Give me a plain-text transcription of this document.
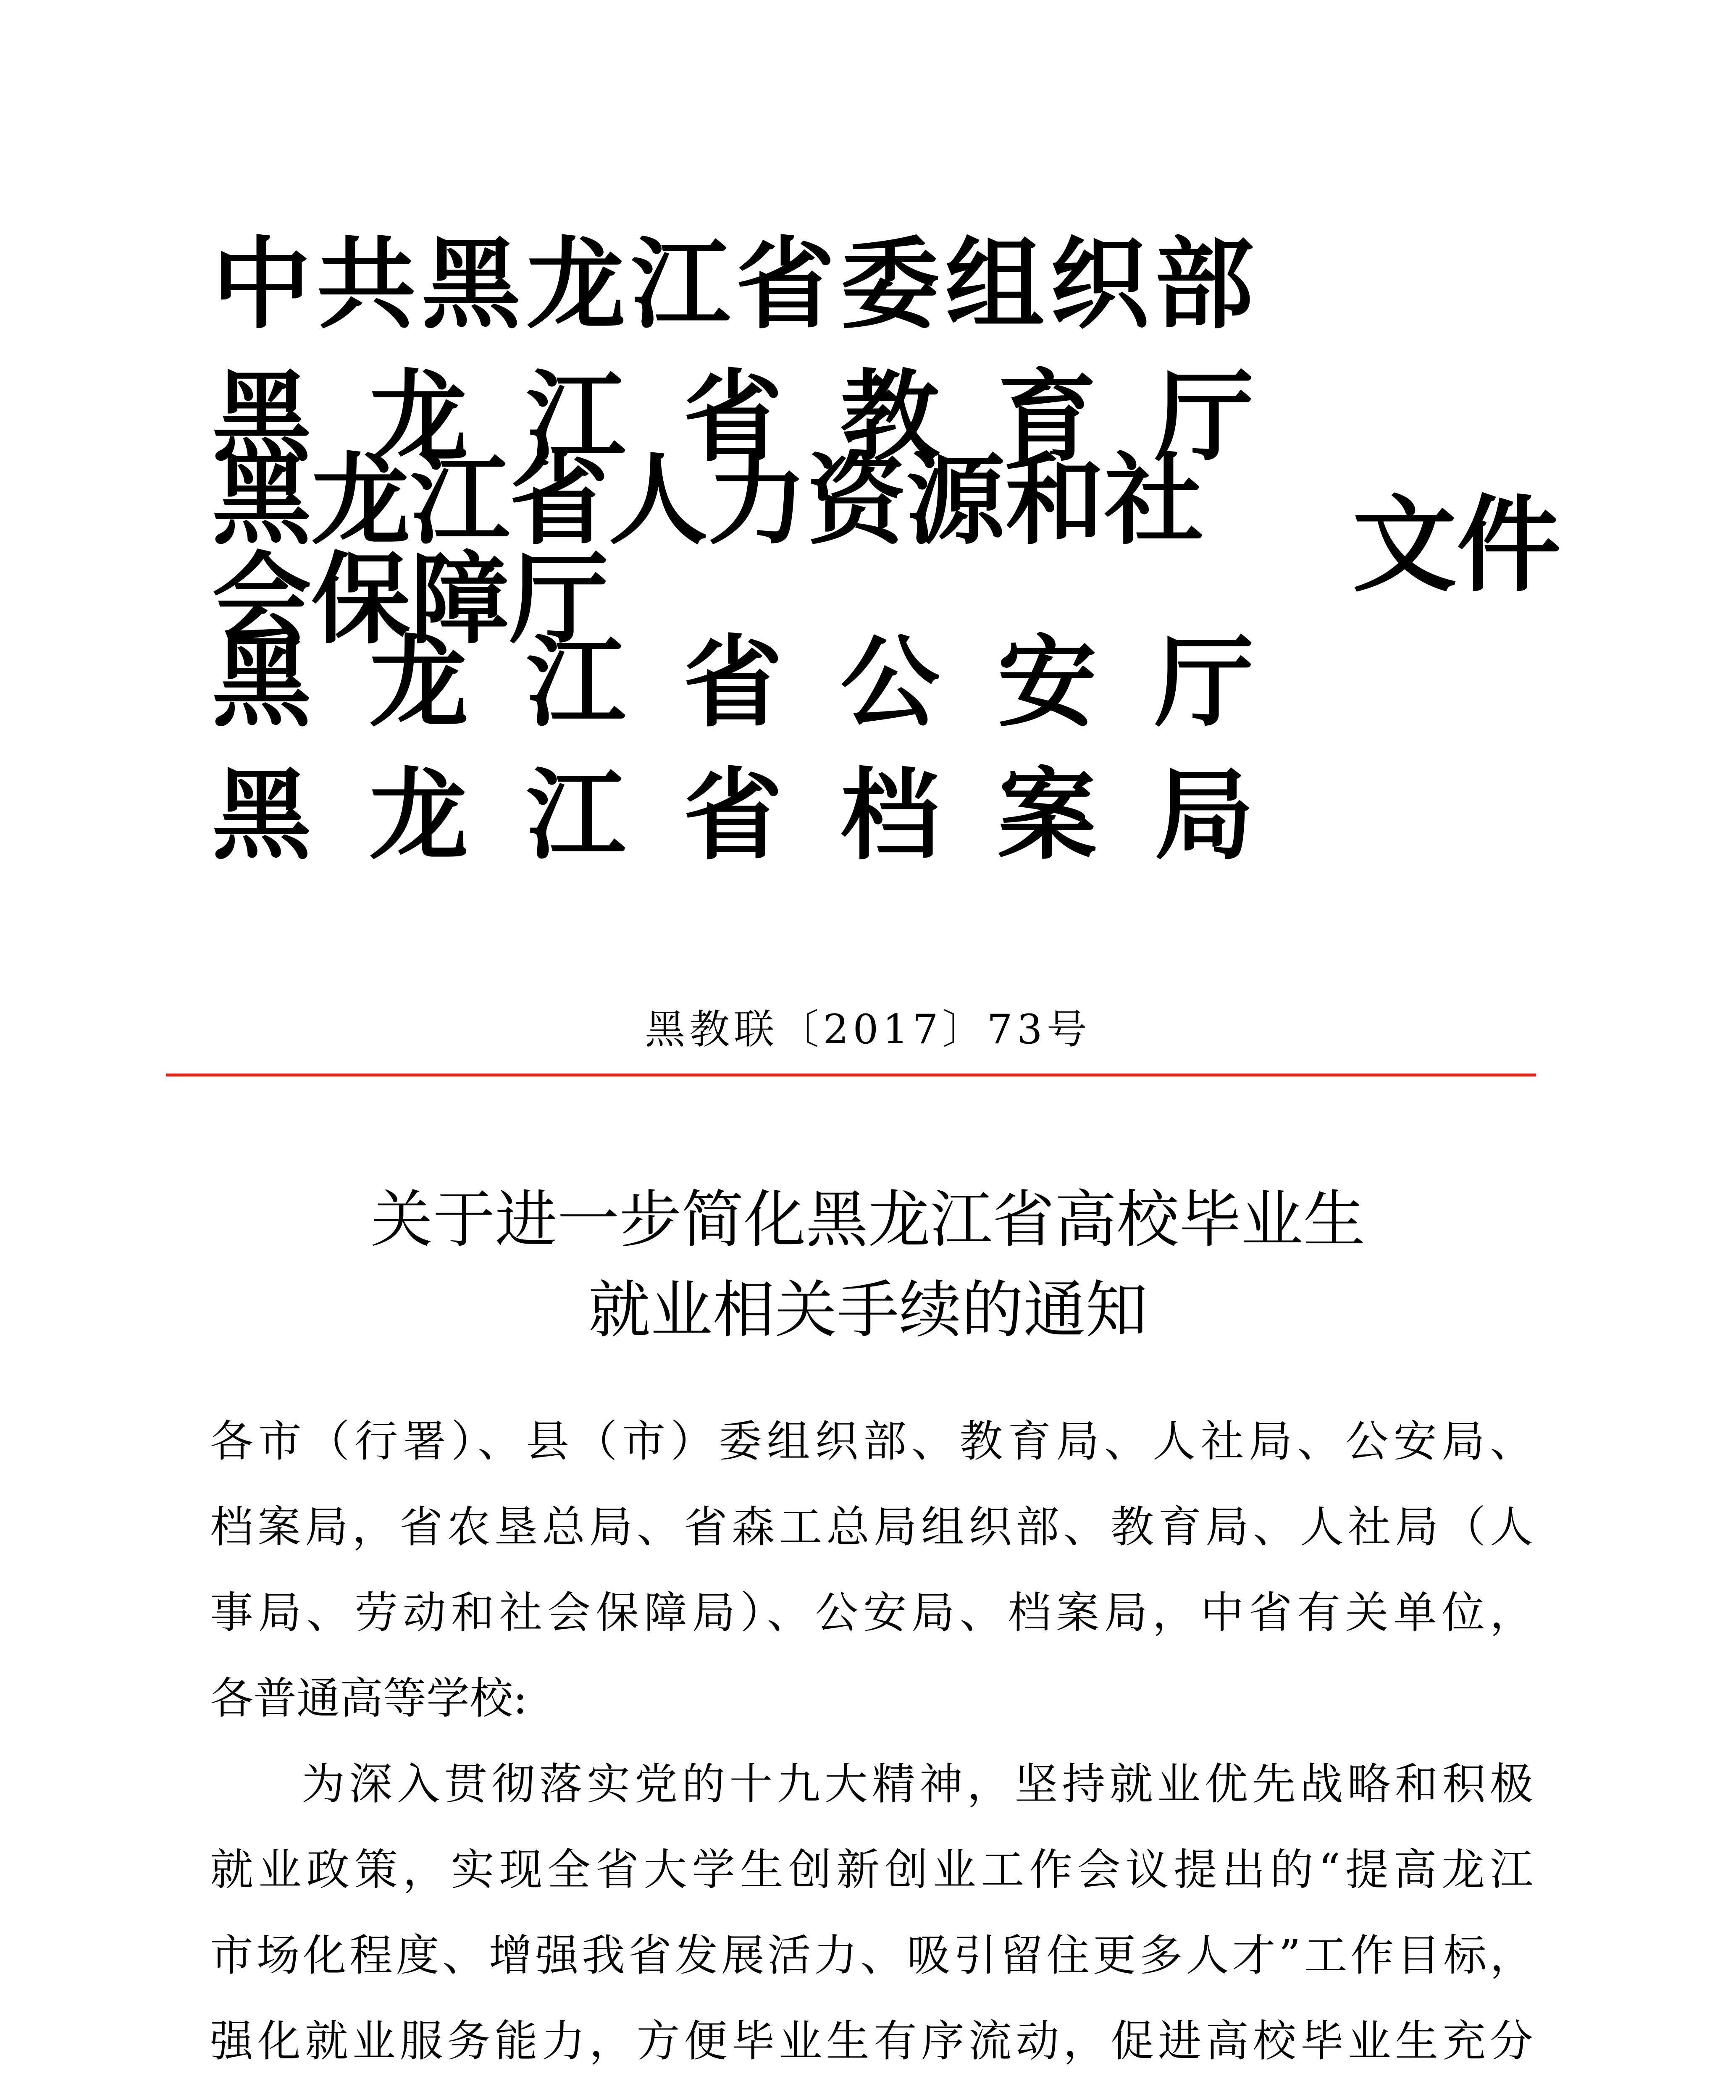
中 共 黑 龙 江 省 委 组 织 部
黑 龙 江 省 教 育 厅
黑龙江省人力资源和社会保障厅
黑 龙 江 省 公 安 厅
黑 龙 江 省 档 案 局
文件
黑教联〔2017〕73号
关于进一步简化黑龙江省高校毕业生
就业相关手续的通知
各市（行署）、县（市）委组织部、教育局、人社局、公安局、
档案局，省农垦总局、省森工总局组织部、教育局、人社局（人
事局、劳动和社会保障局）、公安局、档案局，中省有关单位，
各普通高等学校:
为深入贯彻落实党的十九大精神，坚持就业优先战略和积极
就业政策，实现全省大学生创新创业工作会议提出的“提高龙江
市场化程度、增强我省发展活力、吸引留住更多人才”工作目标，
强化就业服务能力，方便毕业生有序流动，促进高校毕业生充分
